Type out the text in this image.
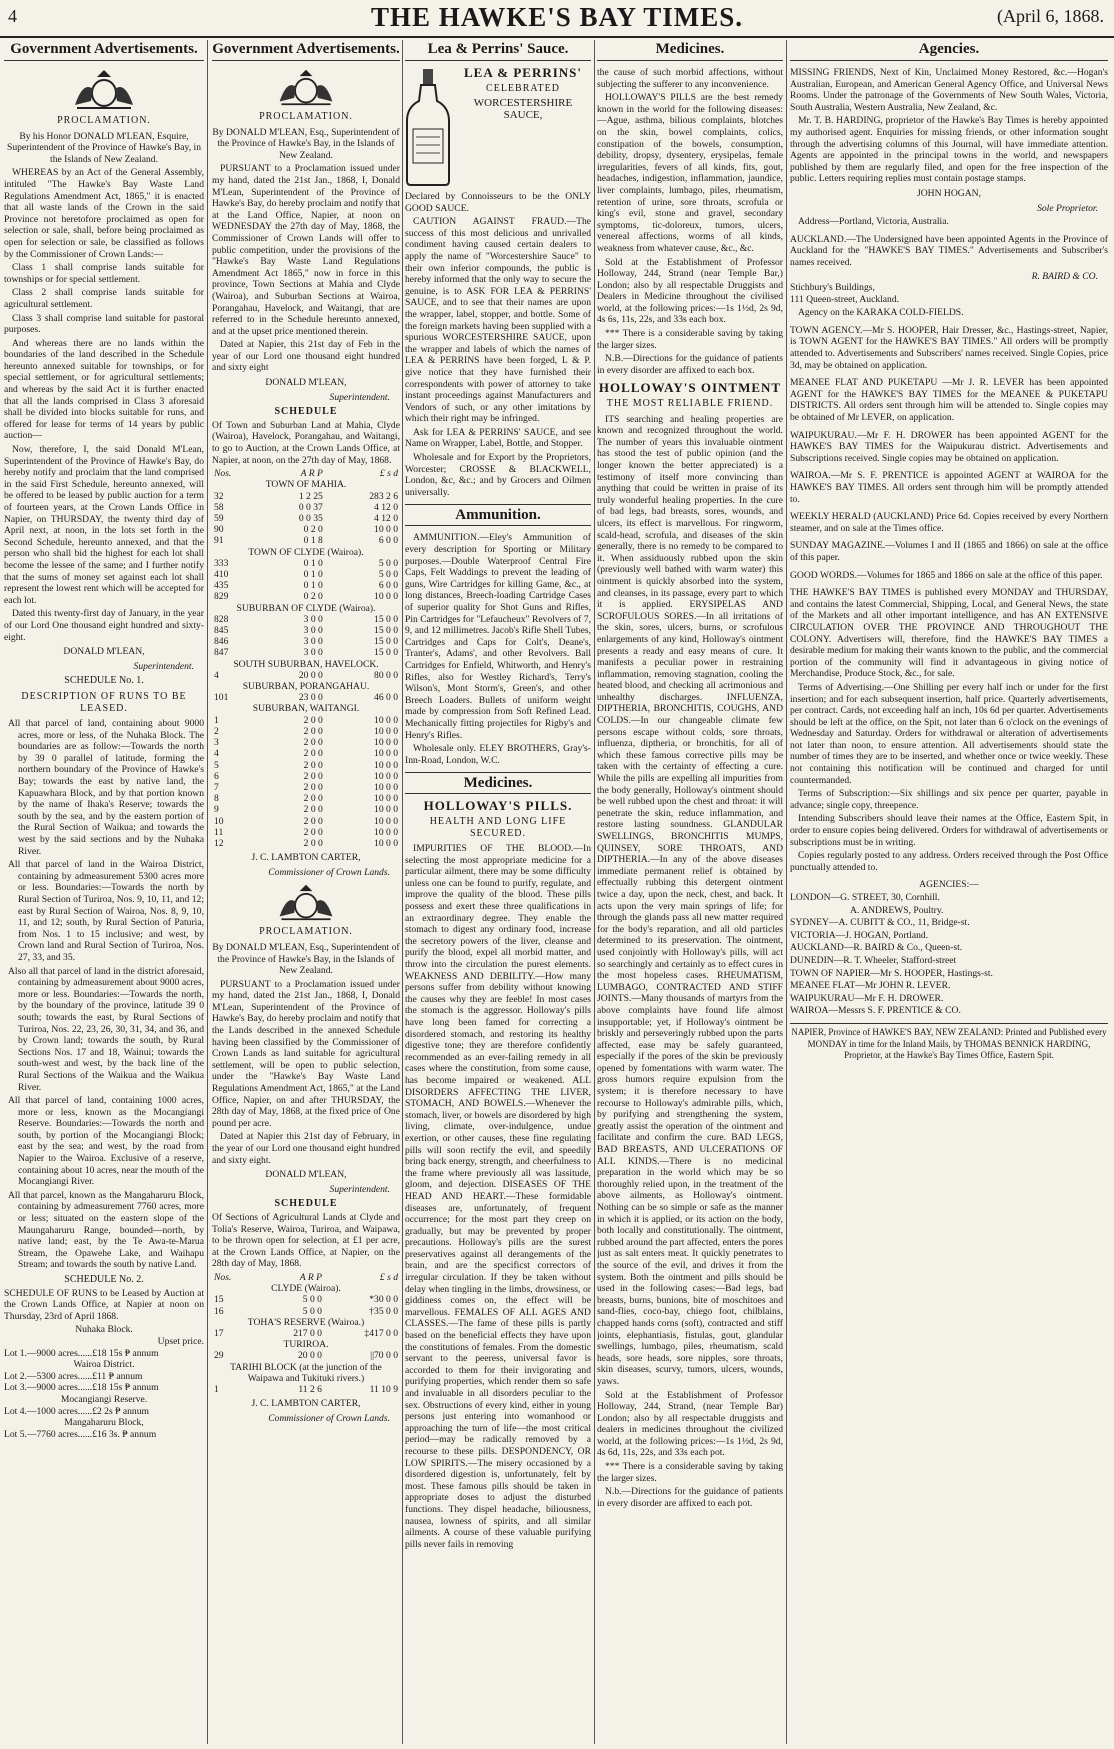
4	THE HAWKE'S BAY TIMES.	(April 6, 1868.
Government Advertisements.
PROCLAMATION.

By his Honor DONALD M'LEAN, Esquire, Superintendent of the Province of Hawke's Bay, in the Islands of New Zealand.

WHEREAS by an Act of the General Assembly, intituled "The Hawke's Bay Waste Land Regulations Amendment Act, 1865," it is enacted that all waste lands of the Crown in the said Province not heretofore proclaimed as open for selection or sale, shall, before being proclaimed as open for selection or sale, be classified as follows by the Commissioner of Crown Lands:—

Class 1 shall comprise lands suitable for townships or for special settlement.

Class 2 shall comprise lands suitable for agricultural settlement.

Class 3 shall comprise land suitable for pastoral purposes.

And whereas there are no lands within the boundaries of the land described in the Schedule hereunto annexed suitable for townships, or for special settlement, or for agricultural settlements; and whereas by the said Act it is further enacted that all the lands comprised in Class 3 aforesaid shall be divided into blocks suitable for runs, and offered for lease for terms of 14 years by public auction—

Now, therefore, I, the said Donald M'Lean, Superintendent of the Province of Hawke's Bay, do hereby notify and proclaim that the land comprised in the said First Schedule, hereunto annexed, will be offered to be leased by public auction for a term of fourteen years, at the Crown Lands Office in Napier, on THURSDAY, the twenty third day of April next, at noon, in the lots set forth in the Second Schedule, hereunto annexed, and that the person who shall bid the highest for each lot shall become the lessee of the same; and I further notify that the sums of money set against each lot shall represent the lowest rent which will be accepted for each lot.

Dated this twenty-first day of January, in the year of our Lord One thousand eight hundred and sixty-eight.

DONALD M'LEAN,
Superintendent.
SCHEDULE No. 1.
DESCRIPTION OF RUNS TO BE LEASED.
All that parcel of land, containing about 9000 acres, more or less, of the Nuhaka Block. The boundaries are as follow:—Towards the north by 39 0 parallel of latitude, forming the northern boundary of the Province of Hawke's Bay; towards the east by native land, the Kapuawhara Block, and by that portion known by the name of Ihaka's Reserve; towards the south by the sea, and by the eastern portion of the Rural Section of Waikua; and towards the west by the said sections and by the Nuhaka River.
All that parcel of land in the Wairoa District, containing by admeasurement 5300 acres more or less. Boundaries:—Towards the north by Rural Section of Turiroa, Nos. 9, 10, 11, and 12; east by Rural Section of Wairoa, Nos. 8, 9, 10, 11, and 12; south, by Rural Section of Paturia, from Nos. 1 to 15 inclusive; and west, by Crown land and Rural Section of Turiroa, Nos. 27, 33, and 35.
Also all that parcel of land in the district aforesaid, containing by admeasurement about 9000 acres, more or less. Boundaries:—Towards the north, by the boundary of the province, latitude 39 0 south; towards the east, by Rural Sections of Turiroa, Nos. 22, 23, 26, 30, 31, 34, and 36, and by Crown land; towards the south, by Rural Sections Nos. 17 and 18, Wainui; towards the south-west and west, by the back line of the Rural Sections of the Waikua and the Waikua River.
All that parcel of land, containing 1000 acres, more or less, known as the Mocangiangi Reserve. Boundaries:—Towards the north and south, by portion of the Mocangiangi Block; east by the sea; and west, by the road from Napier to the Wairoa. Exclusive of a reserve, containing about 10 acres, near the mouth of the Mocangiangi River.
All that parcel, known as the Mangaharuru Block, containing by admeasurement 7760 acres, more or less; situated on the eastern slope of the Maungaharuru Range, bounded—north, by native land; east, by the Te Awa-te-Marua Stream, the Opawehe Lake, and Waihapu Stream; and towards the south by native Land.
SCHEDULE No. 2.

SCHEDULE OF RUNS to be Leased by Auction at the Crown Lands Office, at Napier at noon on Thursday, 23rd of April 1868.

Nuhaka Block.
Upset price.
Lot 1.—9000 acres......£18 15s ₱ annum
Wairoa District.
Lot 2.—5300 acres......£11 ₱ annum
Lot 3.—9000 acres......£18 15s ₱ annum
Mocangiangi Reserve.
Lot 4.—1000 acres......£2 2s ₱ annum
Mangaharuru Block,
Lot 5.—7760 acres......£16 3s. ₱ annum
Government Advertisements.
PROCLAMATION.

By DONALD M'LEAN, Esq., Superintendent of the Province of Hawke's Bay, in the Islands of New Zealand.

PURSUANT to a Proclamation issued under my hand, dated the 21st Jan., 1868, I, Donald M'Lean, Superintendent of the Province of Hawke's Bay, do hereby proclaim and notify that at the Land Office, Napier, at noon on WEDNESDAY the 27th day of May, 1868, the Commissioner of Crown Lands will offer to public competition, under the provisions of the "Hawke's Bay Waste Land Regulations Amendment Act 1865," now in force in this province, Town Sections at Mahia and Clyde (Wairoa), and Suburban Sections at Wairoa, Porangahau, Havelock, and Waitangi, that are referred to in the Schedule hereunto annexed, and at the upset price mentioned therein.

Dated at Napier, this 21st day of Feb in the year of our Lord one thousand eight hundred and sixty eight

DONALD M'LEAN,
Superintendent.
SCHEDULE

Of Town and Suburban Land at Mahia, Clyde (Wairoa), Havelock, Porangahau, and Waitangi, to go to Auction, at the Crown Lands Office, at Napier, at noon, on the 27th day of May, 1868.

Nos.	A R P	£ s d
TOWN OF MAHIA.		
32	1 2 25	283 2 6
58	0 0 37	4 12 0
59	0 0 35	4 12 0
90	0 2 0	10 0 0
91	0 1 8	6 0 0
TOWN OF CLYDE (Wairoa).		
333	0 1 0	5 0 0
410	0 1 0	5 0 0
435	0 1 0	6 0 0
829	0 2 0	10 0 0
SUBURBAN OF CLYDE (Wairoa).		
828	3 0 0	15 0 0
845	3 0 0	15 0 0
846	3 0 0	15 0 0
847	3 0 0	15 0 0
SOUTH SUBURBAN, HAVELOCK.		
4	20 0 0	80 0 0
SUBURBAN, PORANGAHAU.		
101	23 0 0	46 0 0
SUBURBAN, WAITANGI.		
1	2 0 0	10 0 0
2	2 0 0	10 0 0
3	2 0 0	10 0 0
4	2 0 0	10 0 0
5	2 0 0	10 0 0
6	2 0 0	10 0 0
7	2 0 0	10 0 0
8	2 0 0	10 0 0
9	2 0 0	10 0 0
10	2 0 0	10 0 0
11	2 0 0	10 0 0
12	2 0 0	10 0 0
J. C. LAMBTON CARTER,
Commissioner of Crown Lands.
PROCLAMATION.

By DONALD M'LEAN, Esq., Superintendent of the Province of Hawke's Bay, in the Islands of New Zealand.

PURSUANT to a Proclamation issued under my hand, dated the 21st Jan., 1868, I, Donald M'Lean, Superintendent of the Province of Hawke's Bay, do hereby proclaim and notify that the Lands described in the annexed Schedule having been classified by the Commissioner of Crown Lands as land suitable for agricultural settlement, will be open to public selection, under the "Hawke's Bay Waste Land Regulations Amendment Act, 1865," at the Land Office, Napier, on and after THURSDAY, the 28th day of May, 1868, at the fixed price of One pound per acre.

Dated at Napier this 21st day of February, in the year of our Lord one thousand eight hundred and sixty eight.

DONALD M'LEAN,
Superintendent.
SCHEDULE

Of Sections of Agricultural Lands at Clyde and Tolia's Reserve, Wairoa, Turiroa, and Waipawa, to be thrown open for selection, at £1 per acre, at the Crown Lands Office, at Napier, on the 28th day of May, 1868.

Nos.	A R P	£ s d
CLYDE (Wairoa).		
15	5 0 0	*30 0 0
16	5 0 0	†35 0 0
TOHA'S RESERVE (Wairoa.)		
17	217 0 0	‡417 0 0
TURIROA.		
29	20 0 0	||70 0 0
TARIHI BLOCK (at the junction of the Waipawa and Tukituki rivers.)		
1	11 2 6	11 10 9
J. C. LAMBTON CARTER,
Commissioner of Crown Lands.
Lea & Perrins' Sauce.
LEA & PERRINS'
CELEBRATED
WORCESTERSHIRE SAUCE,

Declared by Connoisseurs to be the ONLY GOOD SAUCE.

CAUTION AGAINST FRAUD.—The success of this most delicious and unrivalled condiment having caused certain dealers to apply the name of "Worcestershire Sauce" to their own inferior compounds, the public is hereby informed that the only way to secure the genuine, is to ASK FOR LEA & PERRINS' SAUCE, and to see that their names are upon the wrapper, label, stopper, and bottle. Some of the foreign markets having been supplied with a spurious WORCESTERSHIRE SAUCE, upon the wrapper and labels of which the names of LEA & PERRINS have been forged, L & P. give notice that they have furnished their correspondents with power of attorney to take instant proceedings against Manufacturers and Vendors of such, or any other imitations by which their right may be infringed.

Ask for LEA & PERRINS' SAUCE, and see Name on Wrapper, Label, Bottle, and Stopper.

Wholesale and for Export by the Proprietors, Worcester; CROSSE & BLACKWELL, London, &c, &c.; and by Grocers and Oilmen universally.

Ammunition.

AMMUNITION.—Eley's Ammunition of every description for Sporting or Military purposes.—Double Waterproof Central Fire Caps, Felt Waddings to prevent the leading of guns, Wire Cartridges for killing Game, &c., at long distances, Breech-loading Cartridge Cases of superior quality for Shot Guns and Rifles, Pin Cartridges for "Lefaucheux" Revolvers of 7, 9, and 12 millimetres. Jacob's Rifle Shell Tubes, Cartridges and Caps for Colt's, Deane's, Tranter's, Adams', and other Revolvers. Ball Cartridges for Enfield, Whitworth, and Henry's Rifles, also for Westley Richard's, Terry's Wilson's, Mont Storm's, Green's, and other Breech Loaders. Bullets of uniform weight made by compression from Soft Refined Lead. Mechanically fitting projectiles for Rigby's and Henry's Rifles.

Wholesale only. ELEY BROTHERS, Gray's-Inn-Road, London, W.C.

Medicines.
HOLLOWAY'S PILLS.
HEALTH AND LONG LIFE SECURED.

IMPURITIES OF THE BLOOD.—In selecting the most appropriate medicine for a particular ailment, there may be some difficulty unless one can be found to purify, regulate, and improve the quality of the blood. These pills possess and exert these three qualifications in an extraordinary degree. They enable the stomach to digest any ordinary food, increase the secretory powers of the liver, cleanse and purify the blood, expel all morbid matter, and throw into the circulation the purest elements. WEAKNESS AND DEBILITY.—How many persons suffer from debility without knowing the causes why they are feeble! In most cases the stomach is the aggressor. Holloway's pills have long been famed for correcting a disordered stomach, and restoring its healthy digestive tone; they are therefore confidently recommended as an ever-failing remedy in all cases where the constitution, from some cause, has become impaired or weakened. ALL DISORDERS AFFECTING THE LIVER, STOMACH, AND BOWELS.—Whenever the stomach, liver, or bowels are disordered by high living, climate, over-indulgence, undue exertion, or other causes, these fine regulating pills will soon rectify the evil, and speedily bring back energy, strength, and cheerfulness to the frame where previously all was lassitude, gloom, and dejection. DISEASES OF THE HEAD AND HEART.—These formidable diseases are, unfortunately, of frequent occurrence; for the most part they creep on gradually, but may be prevented by proper precautions. Holloway's pills are the surest preservatives against all derangements of the brain, and are the specificst correctors of irregular circulation. If they be taken without delay when tingling in the limbs, drowsiness, or giddiness comes on, the effect will be marvellous. FEMALES OF ALL AGES AND CLASSES.—The fame of these pills is partly based on the beneficial effects they have upon the constitutions of females. From the domestic servant to the peeress, universal favor is accorded to them for their invigorating and purifying properties, which render them so safe and invaluable in all disorders peculiar to the sex. Obstructions of every kind, either in young persons just entering into womanhood or approaching the turn of life—the most critical period—may be radically removed by a recourse to these pills. DESPONDENCY, OR LOW SPIRITS.—The misery occasioned by a disordered digestion is, unfortunately, felt by most. These famous pills should be taken in appropriate doses to adjust the disturbed functions. They dispel headache, biliousness, nausea, lowness of spirits, and all similar ailments. A course of these valuable purifying pills never fails in removing

Medicines.

the cause of such morbid affections, without subjecting the sufferer to any inconvenience.

HOLLOWAY'S PILLS are the best remedy known in the world for the following diseases:—Ague, asthma, bilious complaints, blotches on the skin, bowel complaints, colics, constipation of the bowels, consumption, debility, dropsy, dysentery, erysipelas, female irregularities, fevers of all kinds, fits, gout, headaches, indigestion, inflammation, jaundice, liver complaints, lumbago, piles, rheumatism, retention of urine, sore throats, scrofula or king's evil, stone and gravel, secondary symptoms, tic-doloreux, tumors, ulcers, venereal affections, worms of all kinds, weakness from whatever cause, &c., &c.

Sold at the Establishment of Professor Holloway, 244, Strand (near Temple Bar,) London; also by all respectable Druggists and Dealers in Medicine throughout the civilised world, at the following prices:—1s 1½d, 2s 9d, 4s 6s, 11s, 22s, and 33s each box.

*** There is a considerable saving by taking the larger sizes.

N.B.—Directions for the guidance of patients in every disorder are affixed to each box.

HOLLOWAY'S OINTMENT
THE MOST RELIABLE FRIEND.

ITS searching and healing properties are known and recognized throughout the world. The number of years this invaluable ointment has stood the test of public opinion (and the longer known the better appreciated) is a testimony of itself more convincing than anything that could be written in praise of its truly wonderful healing properties. In the cure of bad legs, bad breasts, sores, wounds, and ulcers, its effect is marvellous. For ringworm, scald-head, scrofula, and diseases of the skin generally, there is no remedy to be compared to it. When assiduously rubbed upon the skin (previously well bathed with warm water) this ointment is quickly absorbed into the system, and cleanses, in its passage, every part to which it is applied. ERYSIPELAS AND SCROFULOUS SORES.—In all irritations of the skin, sores, ulcers, burns, or scrofulous enlargements of any kind, Holloway's ointment presents a ready and easy means of cure. It manifests a peculiar power in restraining inflammation, removing stagnation, cooling the heated blood, and checking all acrimonious and unhealthy discharges. INFLUENZA, DIPTHERIA, BRONCHITIS, COUGHS, AND COLDS.—In our changeable climate few persons escape without colds, sore throats, influenza, diptheria, or bronchitis, for all of which these famous corrective pills may be taken with the certainty of effecting a cure. While the pills are expelling all impurities from the body generally, Holloway's ointment should be well rubbed upon the chest and throat: it will penetrate the skin, reduce inflammation, and restore lasting soundness. GLANDULAR SWELLINGS, BRONCHITIS MUMPS, QUINSEY, SORE THROATS, AND DIPTHERIA.—In any of the above diseases immediate permanent relief is obtained by effectually rubbing this detergent ointment twice a day, upon the neck, chest, and back. It acts upon the very main springs of life; for through the glands pass all new matter required for the body's reparation, and all old particles determined to its preservation. The ointment, used conjointly with Holloway's pills, will act so searchingly and certainly as to effect cures in the most hopeless cases. RHEUMATISM, LUMBAGO, CONTRACTED AND STIFF JOINTS.—Many thousands of martyrs from the above complaints have found life almost insupportable; yet, if Holloway's ointment be briskly and perseveringly rubbed upon the parts affected, ease may be safely guaranteed, especially if the pores of the skin be previously opened by fomentations with warm water. The gross humors require expulsion from the system; it is therefore necessary to have recourse to Holloway's admirable pills, which, by purifying and strengthening the system, greatly assist the operation of the ointment and facilitate and confirm the cure. BAD LEGS, BAD BREASTS, AND ULCERATIONS OF ALL KINDS.—There is no medicinal preparation in the world which may be so thoroughly relied upon, in the treatment of the above ailments, as Holloway's ointment. Nothing can be so simple or safe as the manner in which it is applied, or its action on the body, both locally and constitutionally. The ointment, rubbed around the part affected, enters the pores just as salt enters meat. It quickly penetrates to the source of the evil, and drives it from the system. Both the ointment and pills should be used in the following cases:—Bad legs, bad breasts, burns, bunions, bite of moschitoes and sand-flies, coco-bay, chiego foot, chilblains, chapped hands corns (soft), contracted and stiff joints, elephantiasis, fistulas, gout, glandular swellings, lumbago, piles, rheumatism, scald heads, sore heads, sore nipples, sore throats, skin diseases, scurvy, tumors, ulcers, wounds, yaws.

Sold at the Establishment of Professor Holloway, 244, Strand, (near Temple Bar) London; also by all respectable druggists and dealers in medicines throughout the civilized world, at the following prices:—1s 1½d, 2s 9d, 4s 6d, 11s, 22s, and 33s each pot.

*** There is a considerable saving by taking the larger sizes.

N.b.—Directions for the guidance of patients in every disorder are affixed to each pot.

Agencies.

MISSING FRIENDS, Next of Kin, Unclaimed Money Restored, &c.—Hogan's Australian, European, and American General Agency Office, and Universal News Rooms. Under the patronage of the Governments of New South Wales, Victoria, South Australia, Western Australia, New Zealand, &c.

Mr. T. B. HARDING, proprietor of the Hawke's Bay Times is hereby appointed my authorised agent. Enquiries for missing friends, or other information sought through the advertising columns of this Journal, will have immediate attention. Agents are appointed in the principal towns in the world, and newspapers published by them are regularly filed, and open for the free inspection of the public. Letters requiring replies must contain postage stamps.

JOHN HOGAN,
Sole Proprietor.

Address—Portland, Victoria, Australia.

AUCKLAND.—The Undersigned have been appointed Agents in the Province of Auckland for the "HAWKE'S BAY TIMES." Advertisements and Subscriber's names received.

R. BAIRD & CO.
Stichbury's Buildings,
111 Queen-street, Auckland.

Agency on the KARAKA COLD-FIELDS.

TOWN AGENCY.—Mr S. HOOPER, Hair Dresser, &c., Hastings-street, Napier, is TOWN AGENT for the HAWKE'S BAY TIMES." All orders will be promptly attended to. Advertisements and Subscribers' names received. Single Copies, price 3d, may be obtained on application.

MEANEE FLAT AND PUKETAPU —Mr J. R. LEVER has been appointed AGENT for the HAWKE'S BAY TIMES for the MEANEE & PUKETAPU DISTRICTS. All orders sent through him will be attended to. Single copies may be obtained of Mr LEVER, on application.

WAIPUKURAU.—Mr F. H. DROWER has been appointed AGENT for the HAWKE'S BAY TIMES for the Waipukurau district. Advertisements and Subscriptions received. Single copies may be obtained on application.

WAIROA.—Mr S. F. PRENTICE is appointed AGENT at WAIROA for the HAWKE'S BAY TIMES. All orders sent through him will be promptly attended to.

WEEKLY HERALD (AUCKLAND) Price 6d. Copies received by every Northern steamer, and on sale at the Times office.

SUNDAY MAGAZINE.—Volumes I and II (1865 and 1866) on sale at the office of this paper.

GOOD WORDS.—Volumes for 1865 and 1866 on sale at the office of this paper.

THE HAWKE'S BAY TIMES is published every MONDAY and THURSDAY, and contains the latest Commercial, Shipping, Local, and General News, the state of the Markets and all other important intelligence, and has AN EXTENSIVE CIRCULATION OVER THE PROVINCE AND THROUGHOUT THE COLONY. Advertisers will, therefore, find the HAWKE'S BAY TIMES a desirable medium for making their wants known to the public, and the commercial portion of the community will find it advantageous in giving notice of Merchandise, Produce Stock, &c., for sale.

Terms of Advertising.—One Shilling per every half inch or under for the first insertion; and for each subsequent insertion, half price. Quarterly advertisements, per contract. Cards, not exceeding half an inch, 10s 6d per quarter. Advertisements should be left at the office, on the Spit, not later than 6 o'clock on the evenings of Wednesday and Saturday. Orders for withdrawal or alteration of advertisements not later than noon, to ensure attention. All advertisements should state the number of times they are to be inserted, and whether once or twice weekly. These not containing this notification will be continued and charged for until countermanded.

Terms of Subscription:—Six shillings and six pence per quarter, payable in advance; single copy, threepence.

Intending Subscribers should leave their names at the Office, Eastern Spit, in order to ensure copies being delivered. Orders for withdrawal of advertisements or subscriptions must be in writing.

Copies regularly posted to any address. Orders received through the Post Office punctually attended to.

AGENCIES:—
LONDON—G. STREET, 30, Cornhill.
A. ANDREWS, Poultry.
SYDNEY—A. CUBITT & CO., 11, Bridge-st.
VICTORIA—J. HOGAN, Portland.
AUCKLAND—R. BAIRD & Co., Queen-st.
DUNEDIN—R. T. Wheeler, Stafford-street
TOWN OF NAPIER—Mr S. HOOPER, Hastings-st.
MEANEE FLAT—Mr JOHN R. LEVER.
WAIPUKURAU—Mr F. H. DROWER.
WAIROA—Messrs S. F. PRENTICE & CO.
NAPIER, Province of HAWKE'S BAY, NEW ZEALAND: Printed and Published every MONDAY in time for the Inland Mails, by THOMAS BENNICK HARDING, Proprietor, at the Hawke's Bay Times Office, Eastern Spit.
